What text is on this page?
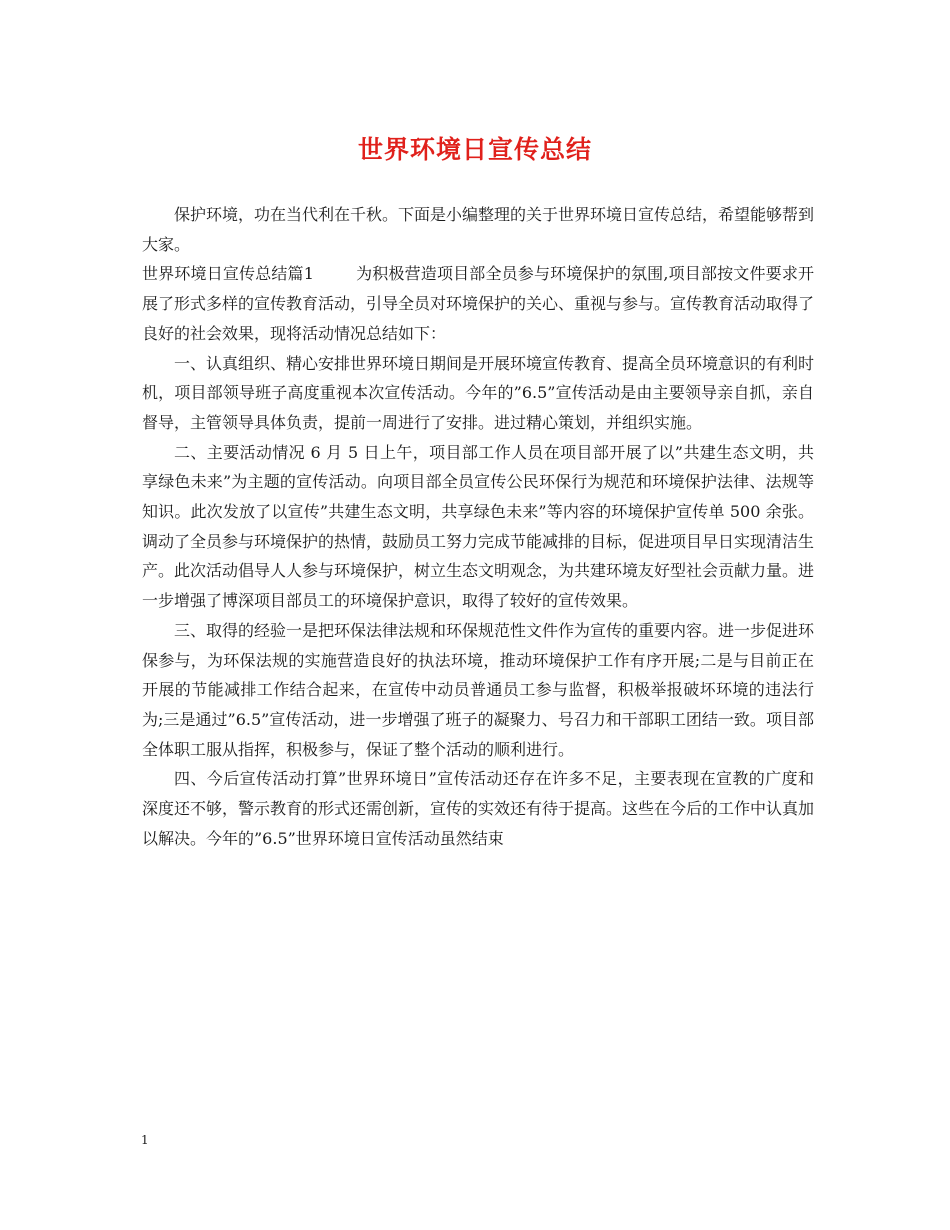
世界环境日宣传总结

保护环境，功在当代利在千秋。下面是小编整理的关于世界环境日宣传总结，希望能够帮到大家。

世界环境日宣传总结篇1	为积极营造项目部全员参与环境保护的氛围,项目部按文件要求开展了形式多样的宣传教育活动，引导全员对环境保护的关心、重视与参与。宣传教育活动取得了良好的社会效果，现将活动情况总结如下：

一、认真组织、精心安排世界环境日期间是开展环境宣传教育、提高全员环境意识的有利时机，项目部领导班子高度重视本次宣传活动。今年的”6.5”宣传活动是由主要领导亲自抓，亲自督导，主管领导具体负责，提前一周进行了安排。进过精心策划，并组织实施。

二、主要活动情况 6 月 5 日上午，项目部工作人员在项目部开展了以”共建生态文明，共享绿色未来”为主题的宣传活动。向项目部全员宣传公民环保行为规范和环境保护法律、法规等知识。此次发放了以宣传”共建生态文明，共享绿色未来”等内容的环境保护宣传单 500 余张。调动了全员参与环境保护的热情，鼓励员工努力完成节能减排的目标，促进项目早日实现清洁生产。此次活动倡导人人参与环境保护，树立生态文明观念，为共建环境友好型社会贡献力量。进一步增强了博深项目部员工的环境保护意识，取得了较好的宣传效果。

三、取得的经验一是把环保法律法规和环保规范性文件作为宣传的重要内容。进一步促进环保参与，为环保法规的实施营造良好的执法环境，推动环境保护工作有序开展;二是与目前正在开展的节能减排工作结合起来，在宣传中动员普通员工参与监督，积极举报破坏环境的违法行为;三是通过”6.5”宣传活动，进一步增强了班子的凝聚力、号召力和干部职工团结一致。项目部全体职工服从指挥，积极参与，保证了整个活动的顺利进行。

四、今后宣传活动打算”世界环境日”宣传活动还存在许多不足，主要表现在宣教的广度和深度还不够，警示教育的形式还需创新，宣传的实效还有待于提高。这些在今后的工作中认真加以解决。今年的”6.5”世界环境日宣传活动虽然结束

1
